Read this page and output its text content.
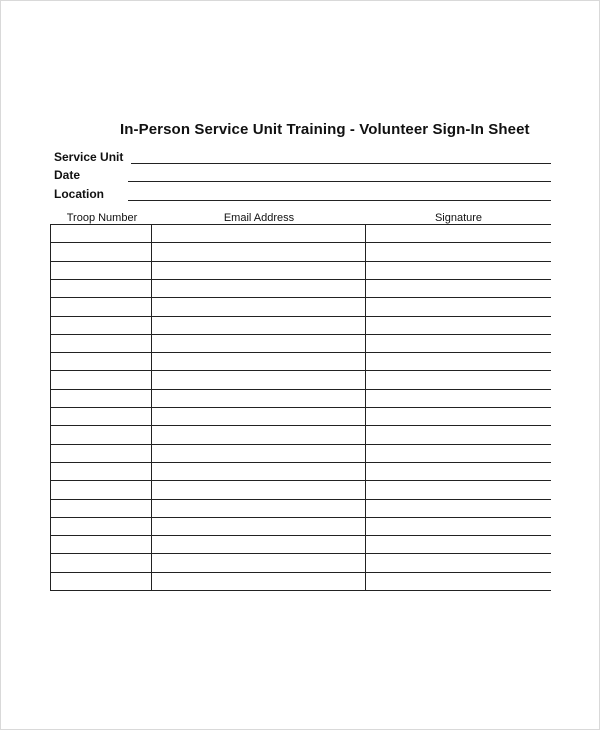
In-Person Service Unit Training - Volunteer Sign-In Sheet
Service Unit
Date
Location
Troop Number	Email Address	Signature
